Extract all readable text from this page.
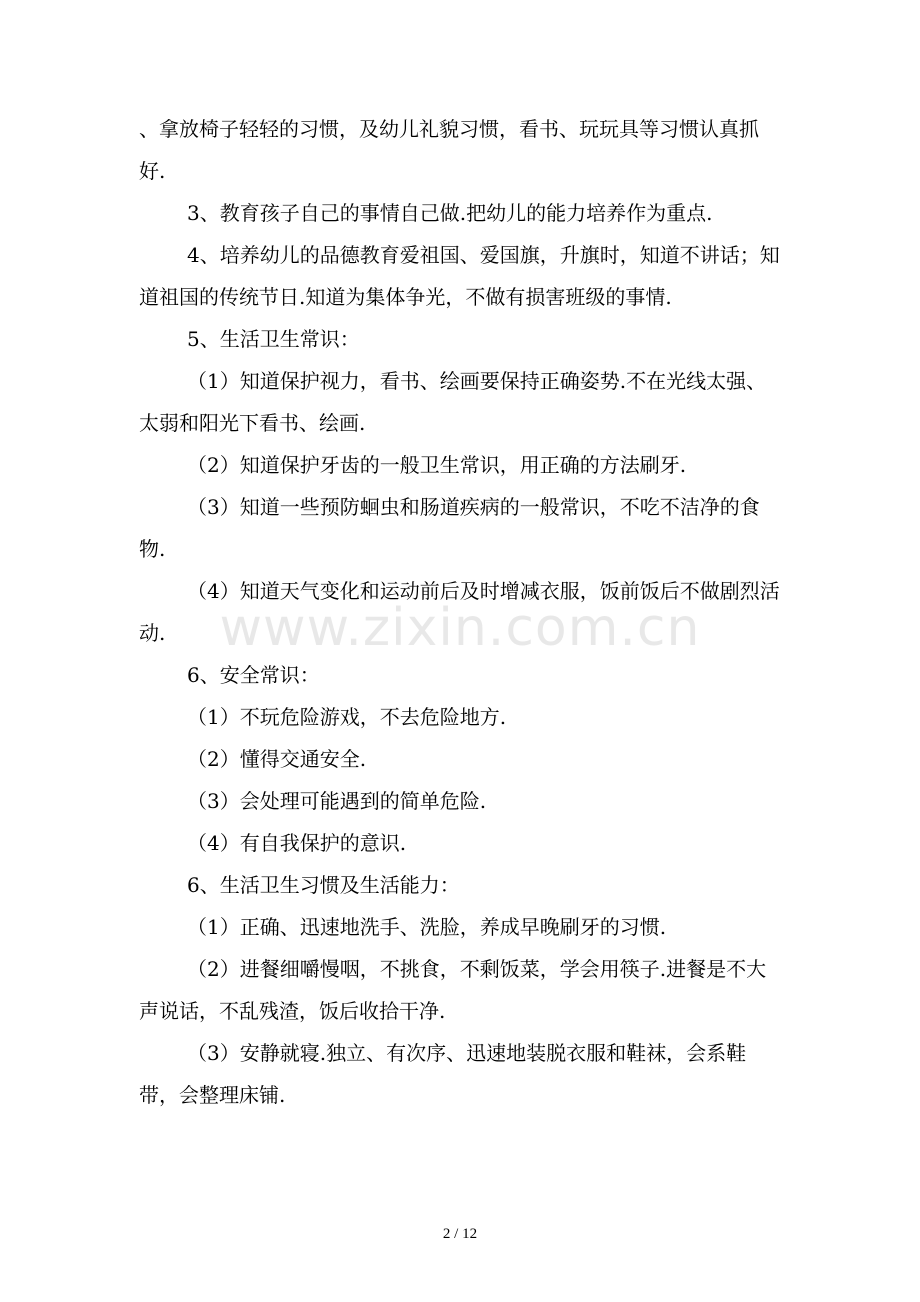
、拿放椅子轻轻的习惯，及幼儿礼貌习惯，看书、玩玩具等习惯认真抓好.

3、教育孩子自己的事情自己做.把幼儿的能力培养作为重点.

4、培养幼儿的品德教育爱祖国、爱国旗，升旗时，知道不讲话；知道祖国的传统节日.知道为集体争光，不做有损害班级的事情.

5、生活卫生常识：

（1）知道保护视力，看书、绘画要保持正确姿势.不在光线太强、太弱和阳光下看书、绘画.

（2）知道保护牙齿的一般卫生常识，用正确的方法刷牙.

（3）知道一些预防蛔虫和肠道疾病的一般常识，不吃不洁净的食物.

（4）知道天气变化和运动前后及时增减衣服，饭前饭后不做剧烈活动.

6、安全常识：

（1）不玩危险游戏，不去危险地方.

（2）懂得交通安全.

（3）会处理可能遇到的简单危险.

（4）有自我保护的意识.

6、生活卫生习惯及生活能力：

（1）正确、迅速地洗手、洗脸，养成早晚刷牙的习惯.

（2）进餐细嚼慢咽，不挑食，不剩饭菜，学会用筷子.进餐是不大声说话，不乱残渣，饭后收拾干净.

（3）安静就寝.独立、有次序、迅速地装脱衣服和鞋袜，会系鞋带，会整理床铺.

www.zixin.com.cn
2 / 12
